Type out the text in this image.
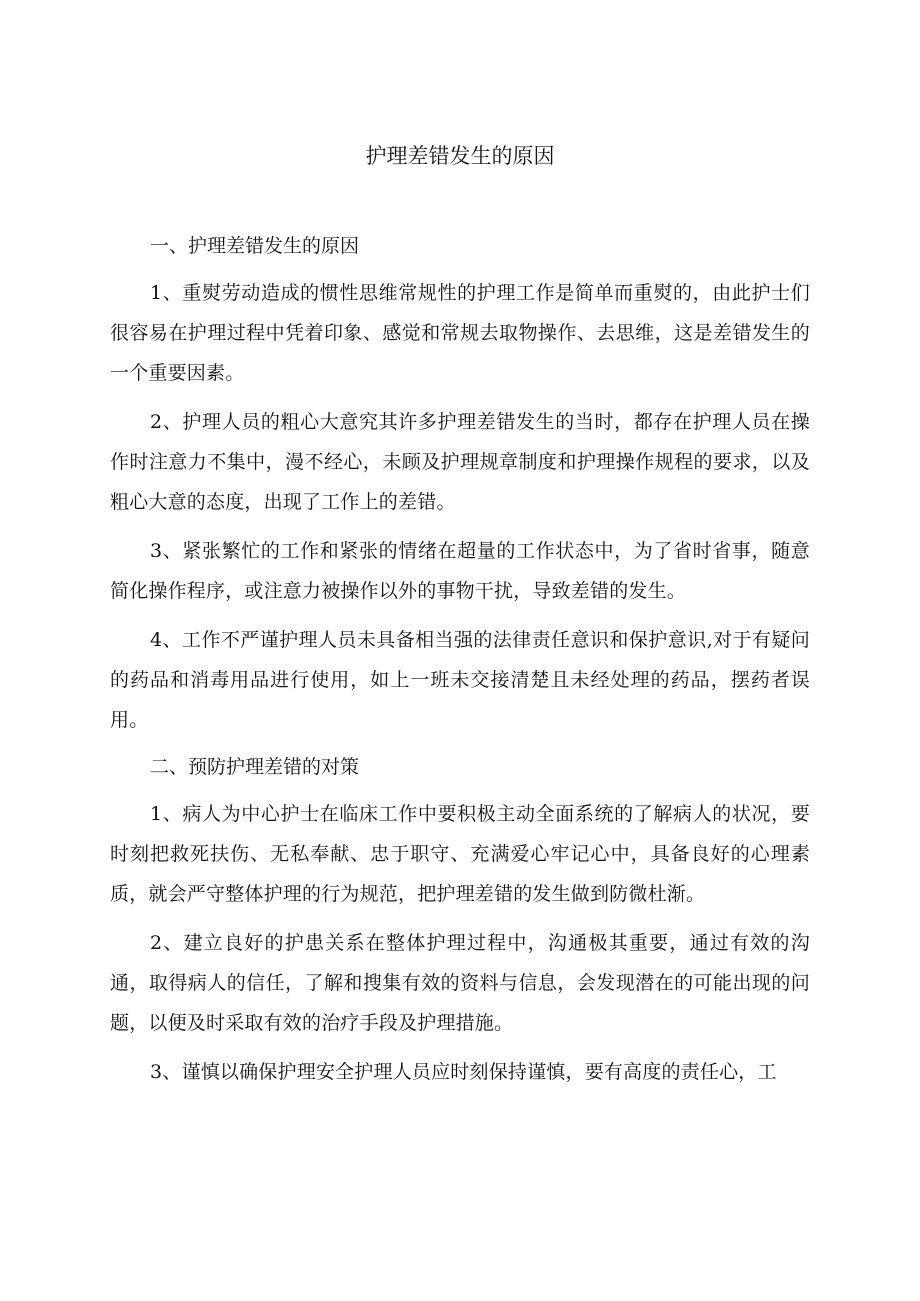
护理差错发生的原因
一、护理差错发生的原因

1、重熨劳动造成的惯性思维常规性的护理工作是简单而重熨的，由此护士们很容易在护理过程中凭着印象、感觉和常规去取物操作、去思维，这是差错发生的一个重要因素。

2、护理人员的粗心大意究其许多护理差错发生的当时，都存在护理人员在操作时注意力不集中，漫不经心，未顾及护理规章制度和护理操作规程的要求，以及粗心大意的态度，出现了工作上的差错。

3、紧张繁忙的工作和紧张的情绪在超量的工作状态中，为了省时省事，随意简化操作程序，或注意力被操作以外的事物干扰，导致差错的发生。

4、工作不严谨护理人员未具备相当强的法律责任意识和保护意识,对于有疑问的药品和消毒用品进行使用，如上一班未交接清楚且未经处理的药品，摆药者误用。

二、预防护理差错的对策

1、病人为中心护士在临床工作中要积极主动全面系统的了解病人的状况，要时刻把救死扶伤、无私奉献、忠于职守、充满爱心牢记心中，具备良好的心理素质，就会严守整体护理的行为规范，把护理差错的发生做到防微杜渐。

2、建立良好的护患关系在整体护理过程中，沟通极其重要，通过有效的沟通，取得病人的信任，了解和搜集有效的资料与信息，会发现潜在的可能出现的问题，以便及时采取有效的治疗手段及护理措施。

3、谨慎以确保护理安全护理人员应时刻保持谨慎，要有高度的责任心，工
